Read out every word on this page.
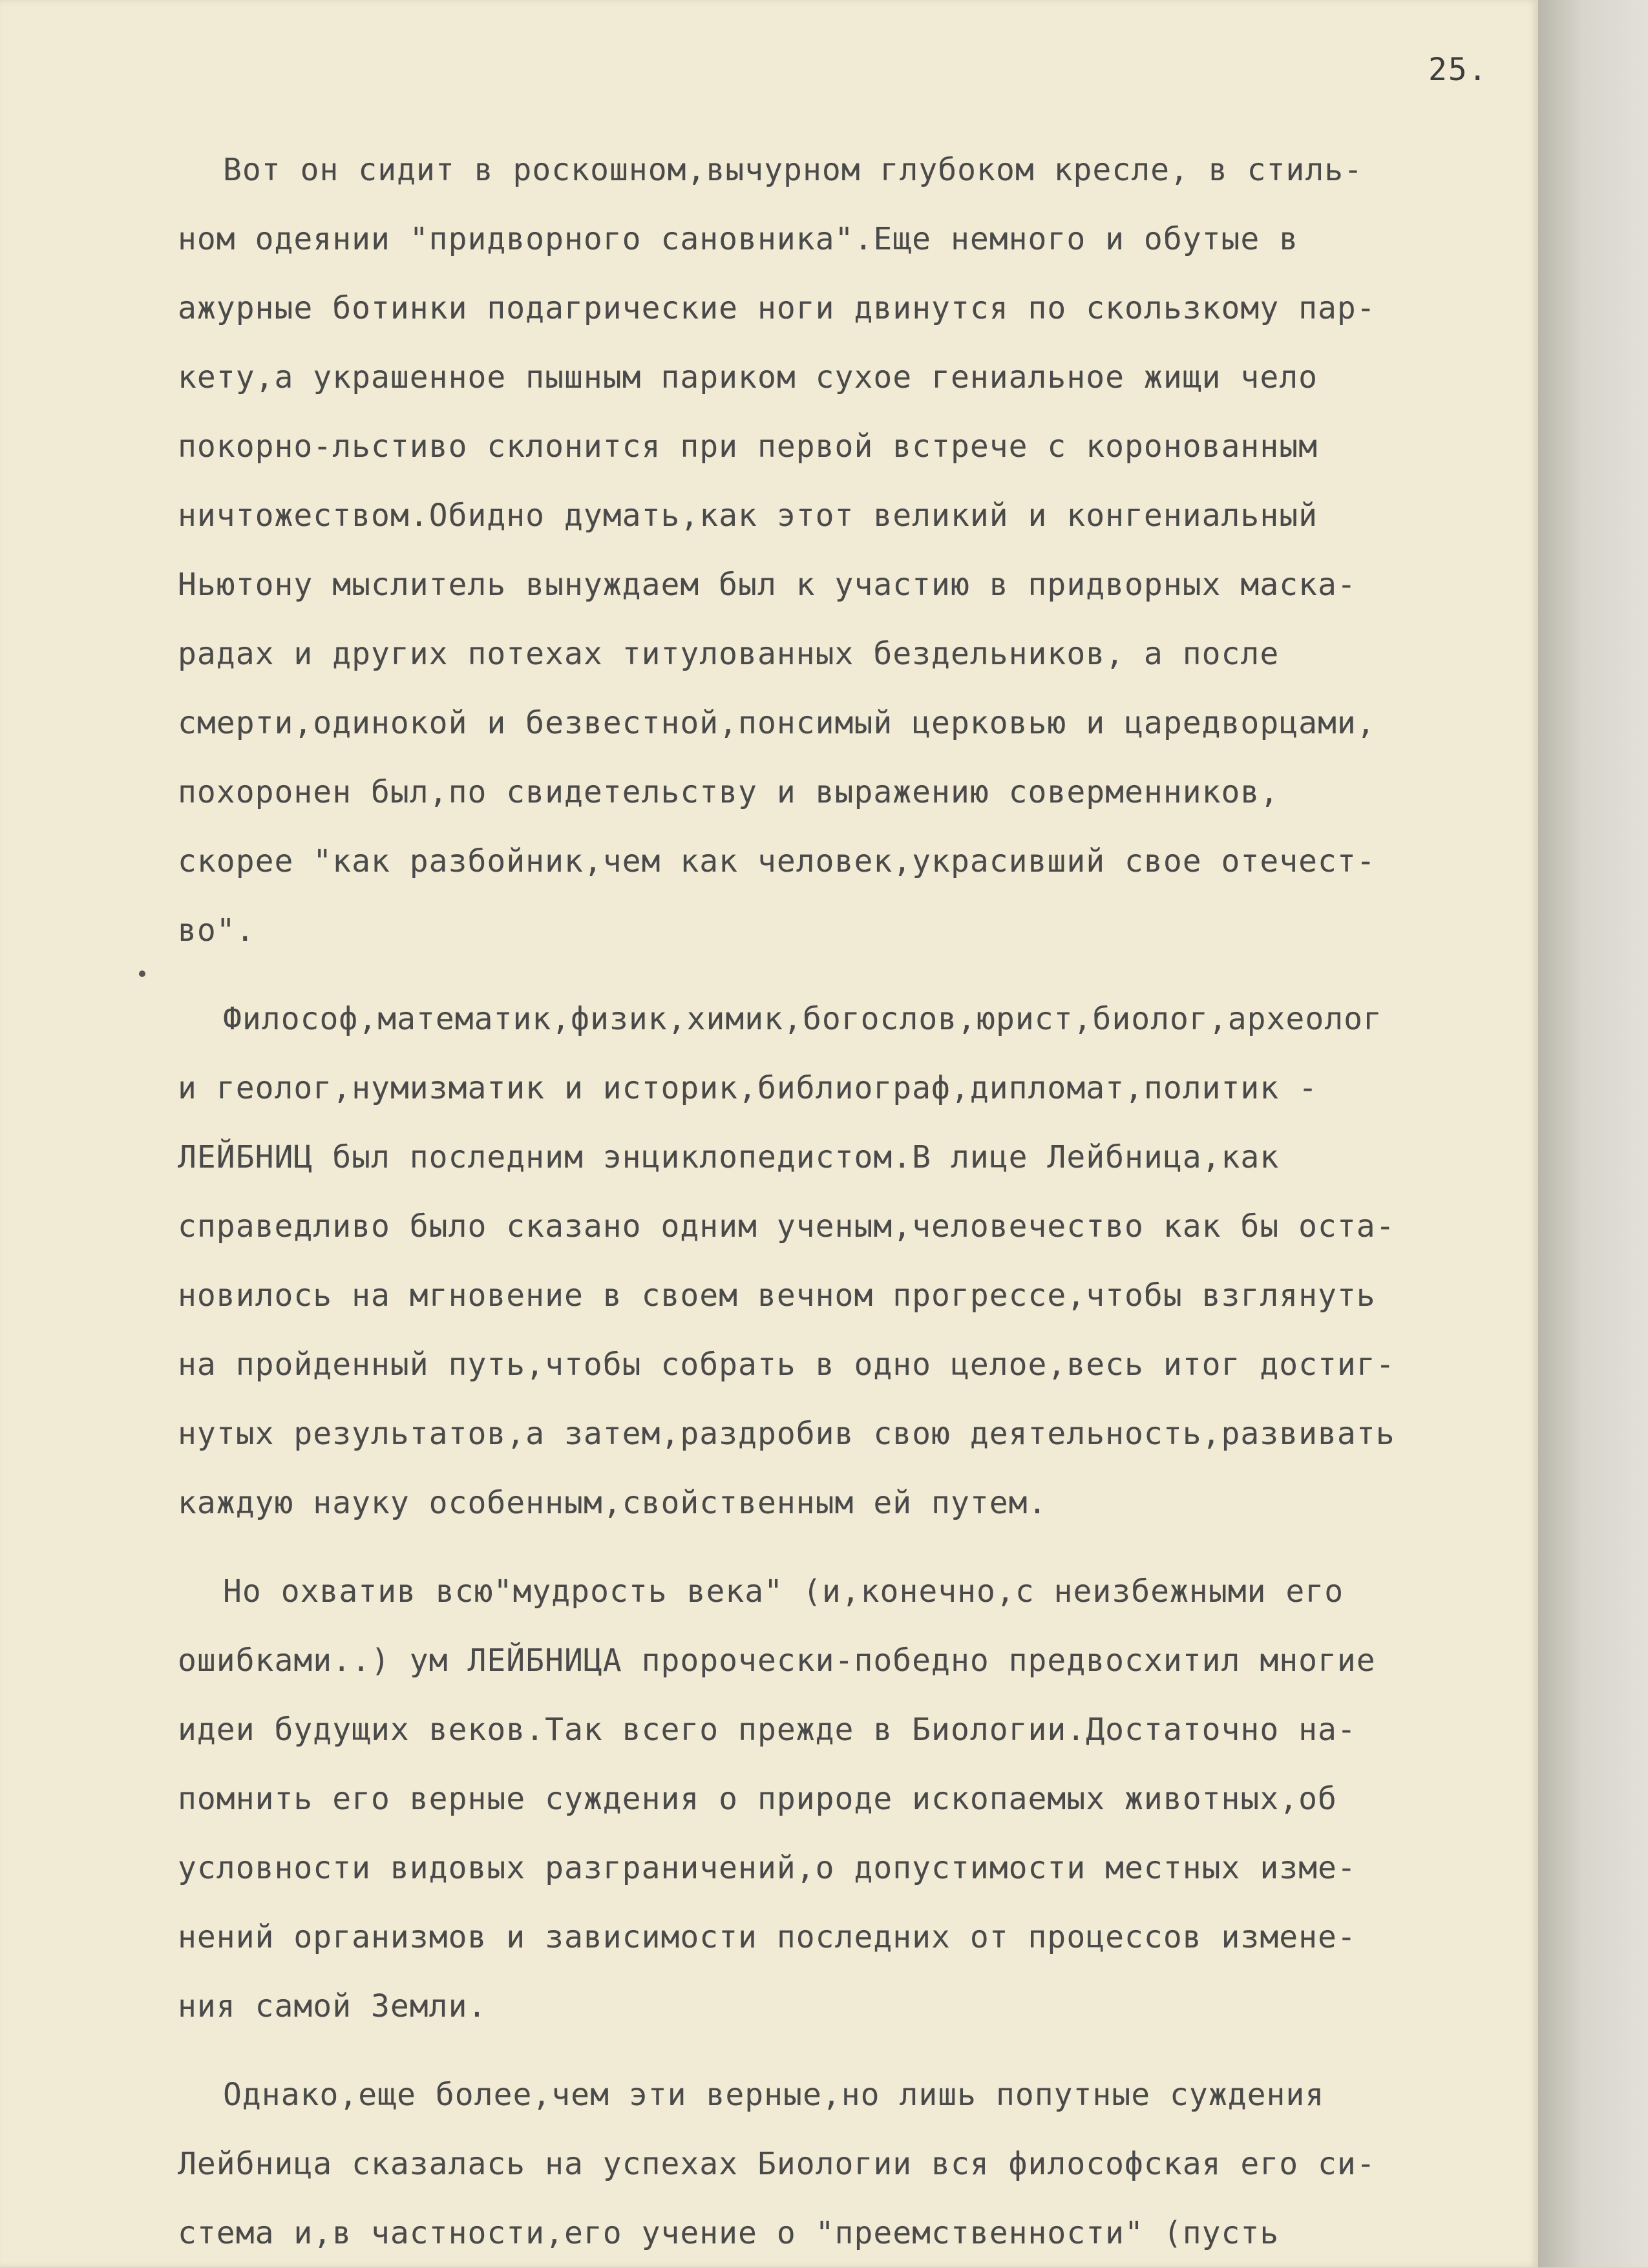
25.
Вот он сидит в роскошном,вычурном глубоком кресле, в стиль-
ном одеянии "придворного сановника".Еще немного и обутые в
ажурные ботинки подагрические ноги двинутся по скользкому пар-
кету,а украшенное пышным париком сухое гениальное жищи чело
покорно-льстиво склонится при первой встрече с коронованным
ничтожеством.Обидно думать,как этот великий и конгениальный
Ньютону мыслитель вынуждаем был к участию в придворных маска-
радах и других потехах титулованных бездельников, а после
смерти,одинокой и безвестной,понсимый церковью и царедворцами,
похоронен был,по свидетельству и выражению соверменников,
скорее "как разбойник,чем как человек,украсивший свое отечест-
во".
Философ,математик,физик,химик,богослов,юрист,биолог,археолог
и геолог,нумизматик и историк,библиограф,дипломат,политик -
ЛЕЙБНИЦ был последним энциклопедистом.В лице Лейбница,как
справедливо было сказано одним ученым,человечество как бы оста-
новилось на мгновение в своем вечном прогрессе,чтобы взглянуть
на пройденный путь,чтобы собрать в одно целое,весь итог достиг-
нутых результатов,а затем,раздробив свою деятельность,развивать
каждую науку особенным,свойственным ей путем.
Но охватив всю"мудрость века" (и,конечно,с неизбежными его
ошибками..) ум ЛЕЙБНИЦА пророчески-победно предвосхитил многие
идеи будущих веков.Так всего прежде в Биологии.Достаточно на-
помнить его верные суждения о природе ископаемых животных,об
условности видовых разграничений,о допустимости местных изме-
нений организмов и зависимости последних от процессов измене-
ния самой Земли.
Однако,еще более,чем эти верные,но лишь попутные суждения
Лейбница сказалась на успехах Биологии вся философская его си-
стема и,в частности,его учение о "преемственности" (пусть
